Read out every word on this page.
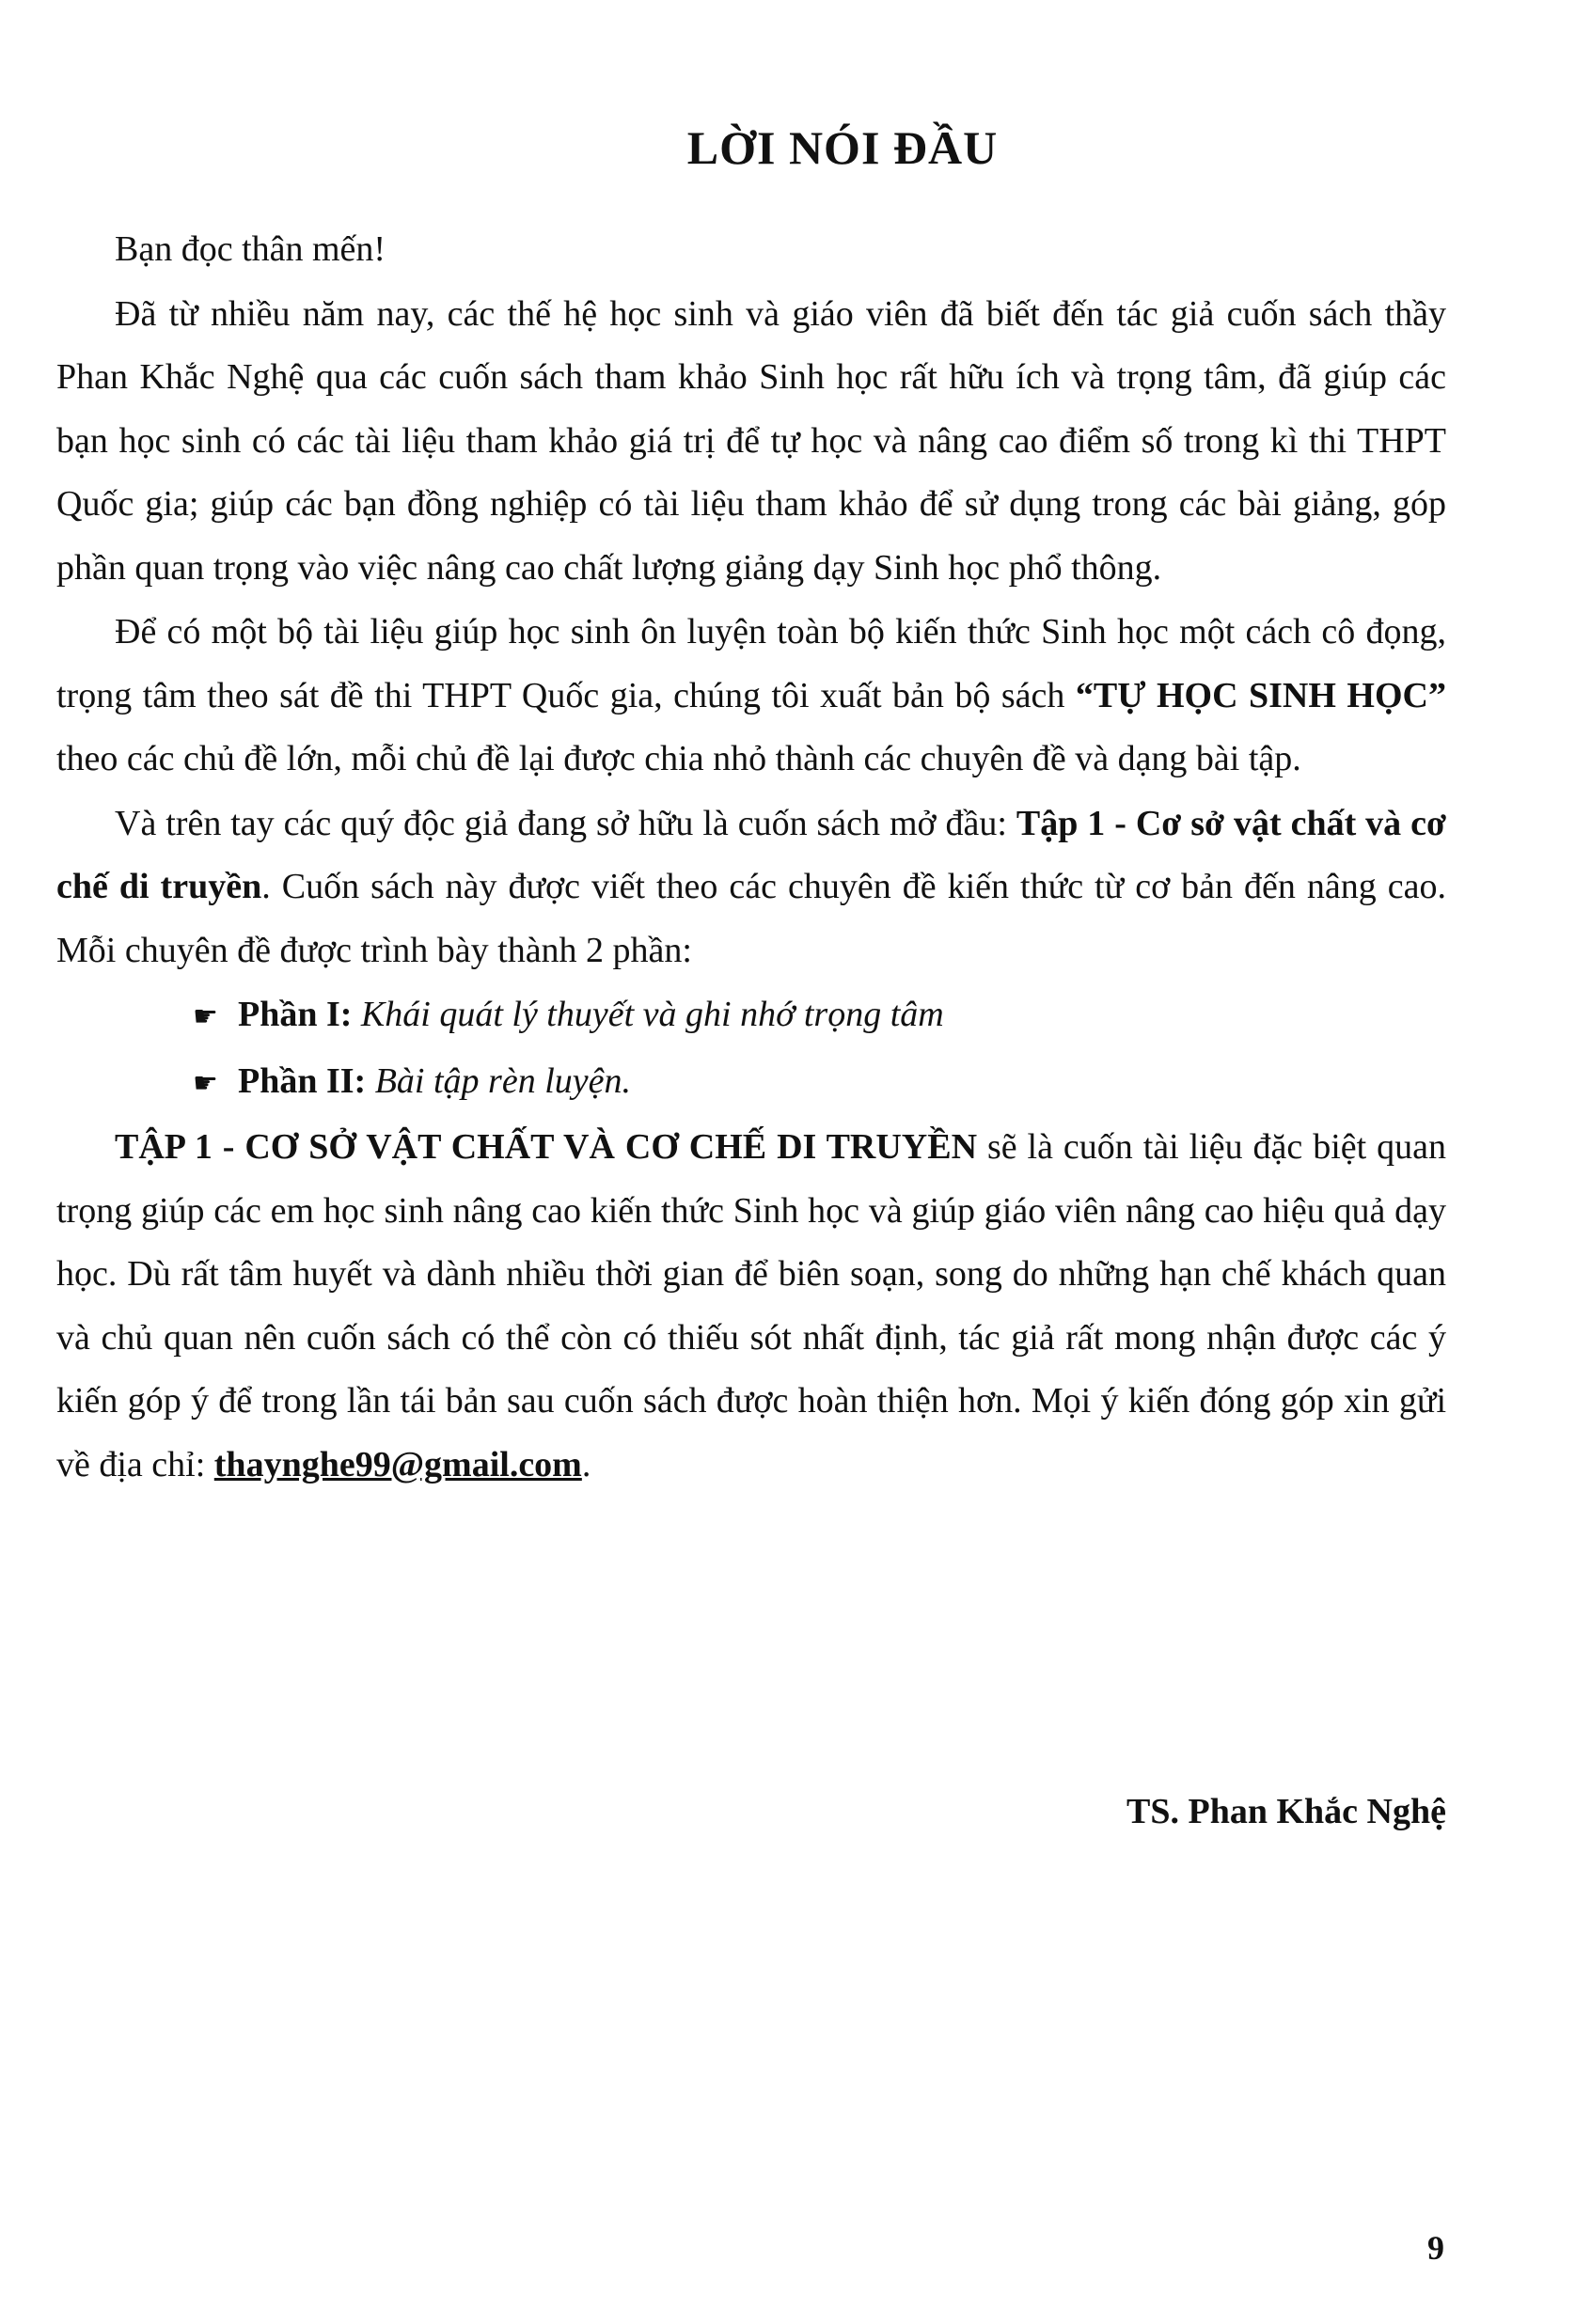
LỜI NÓI ĐẦU

Bạn đọc thân mến!

Đã từ nhiều năm nay, các thế hệ học sinh và giáo viên đã biết đến tác giả cuốn sách thầy Phan Khắc Nghệ qua các cuốn sách tham khảo Sinh học rất hữu ích và trọng tâm, đã giúp các bạn học sinh có các tài liệu tham khảo giá trị để tự học và nâng cao điểm số trong kì thi THPT Quốc gia; giúp các bạn đồng nghiệp có tài liệu tham khảo để sử dụng trong các bài giảng, góp phần quan trọng vào việc nâng cao chất lượng giảng dạy Sinh học phổ thông.

Để có một bộ tài liệu giúp học sinh ôn luyện toàn bộ kiến thức Sinh học một cách cô đọng, trọng tâm theo sát đề thi THPT Quốc gia, chúng tôi xuất bản bộ sách “TỰ HỌC SINH HỌC” theo các chủ đề lớn, mỗi chủ đề lại được chia nhỏ thành các chuyên đề và dạng bài tập.

Và trên tay các quý độc giả đang sở hữu là cuốn sách mở đầu: Tập 1 - Cơ sở vật chất và cơ chế di truyền. Cuốn sách này được viết theo các chuyên đề kiến thức từ cơ bản đến nâng cao. Mỗi chuyên đề được trình bày thành 2 phần:

☛ Phần I: Khái quát lý thuyết và ghi nhớ trọng tâm

☛ Phần II: Bài tập rèn luyện.

TẬP 1 - CƠ SỞ VẬT CHẤT VÀ CƠ CHẾ DI TRUYỀN sẽ là cuốn tài liệu đặc biệt quan trọng giúp các em học sinh nâng cao kiến thức Sinh học và giúp giáo viên nâng cao hiệu quả dạy học. Dù rất tâm huyết và dành nhiều thời gian để biên soạn, song do những hạn chế khách quan và chủ quan nên cuốn sách có thể còn có thiếu sót nhất định, tác giả rất mong nhận được các ý kiến góp ý để trong lần tái bản sau cuốn sách được hoàn thiện hơn. Mọi ý kiến đóng góp xin gửi về địa chỉ: thaynghe99@gmail.com.

TS. Phan Khắc Nghệ
9
